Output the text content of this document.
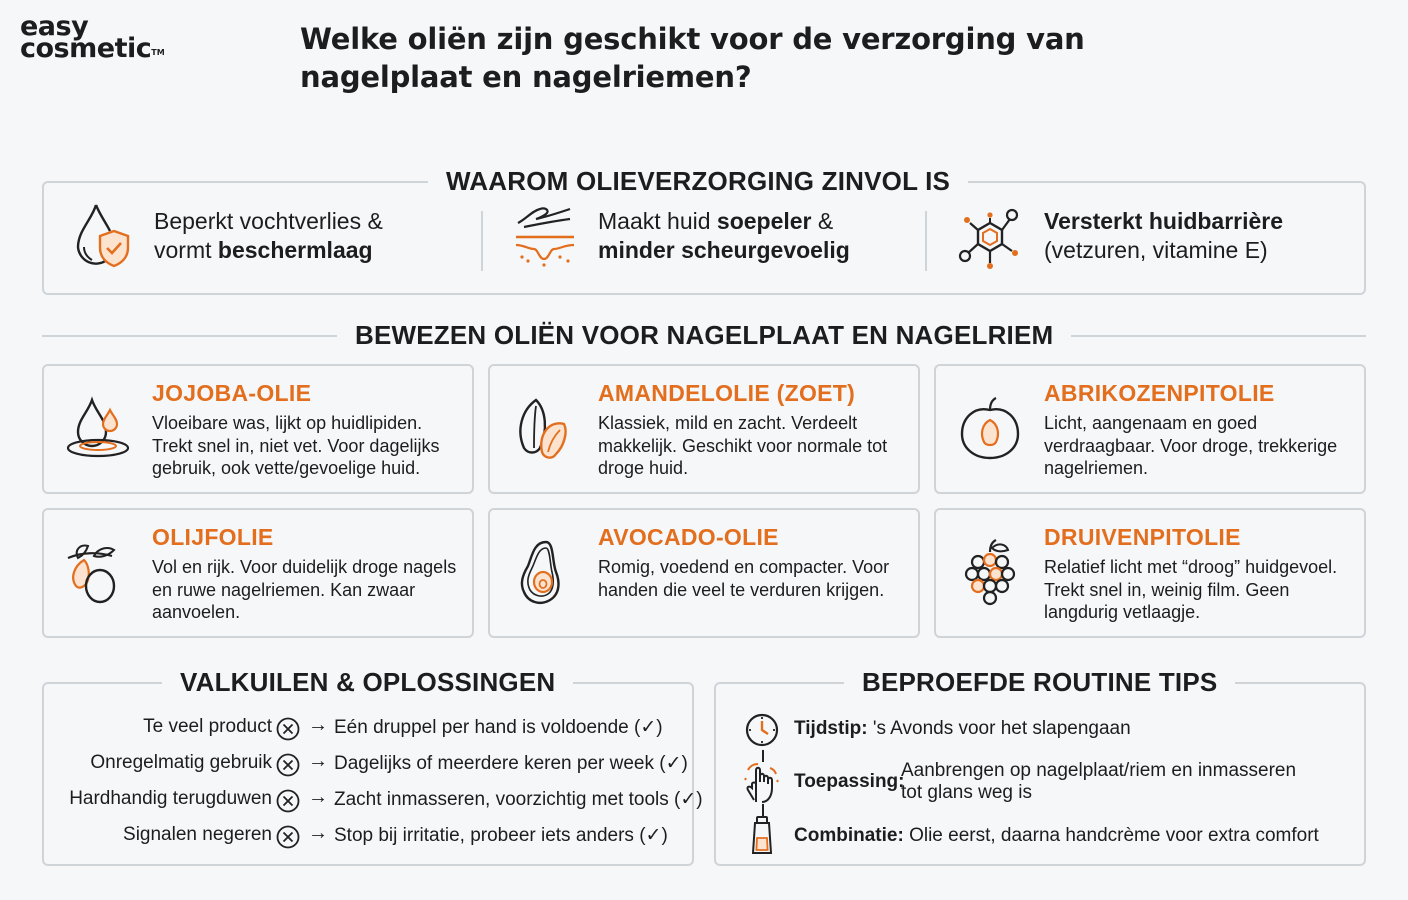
easy
cosmetic™	Welke oliën zijn geschikt voor de verzorging van nagelplaat en nagelriemen?
WAAROM OLIEVERZORGING ZINVOL IS
Beperkt vochtverlies &
vormt beschermlaag
Maakt huid soepeler &
minder scheurgevoelig
Versterkt huidbarrière
(vetzuren, vitamine E)
BEWEZEN OLIËN VOOR NAGELPLAAT EN NAGELRIEM
JOJOBA-OLIE
Vloeibare was, lijkt op huidlipiden. Trekt snel in, niet vet. Voor dagelijks gebruik, ook vette/gevoelige huid.
AMANDELOLIE (ZOET)
Klassiek, mild en zacht. Verdeelt makkelijk. Geschikt voor normale tot droge huid.
ABRIKOZENPITOLIE
Licht, aangenaam en goed verdraagbaar. Voor droge, trekkerige nagelriemen.
OLIJFOLIE
Vol en rijk. Voor duidelijk droge nagels en ruwe nagelriemen. Kan zwaar aanvoelen.
AVOCADO-OLIE
Romig, voedend en compacter. Voor handen die veel te verduren krijgen.
DRUIVENPITOLIE
Relatief licht met “droog” huidgevoel. Trekt snel in, weinig film. Geen langdurig vetlaagje.
Te veel product → Eén druppel per hand is voldoende (✓)
Onregelmatig gebruik → Dagelijks of meerdere keren per week (✓)
Hardhandig terugduwen → Zacht inmasseren, voorzichtig met tools (✓)
Signalen negeren → Stop bij irritatie, probeer iets anders (✓)
VALKUILEN & OPLOSSINGEN
Tijdstip: 's Avonds voor het slapengaan
Toepassing:
Aanbrengen op nagelplaat/riem en inmasseren
tot glans weg is
Combinatie: Olie eerst, daarna handcrème voor extra comfort
BEPROEFDE ROUTINE TIPS
